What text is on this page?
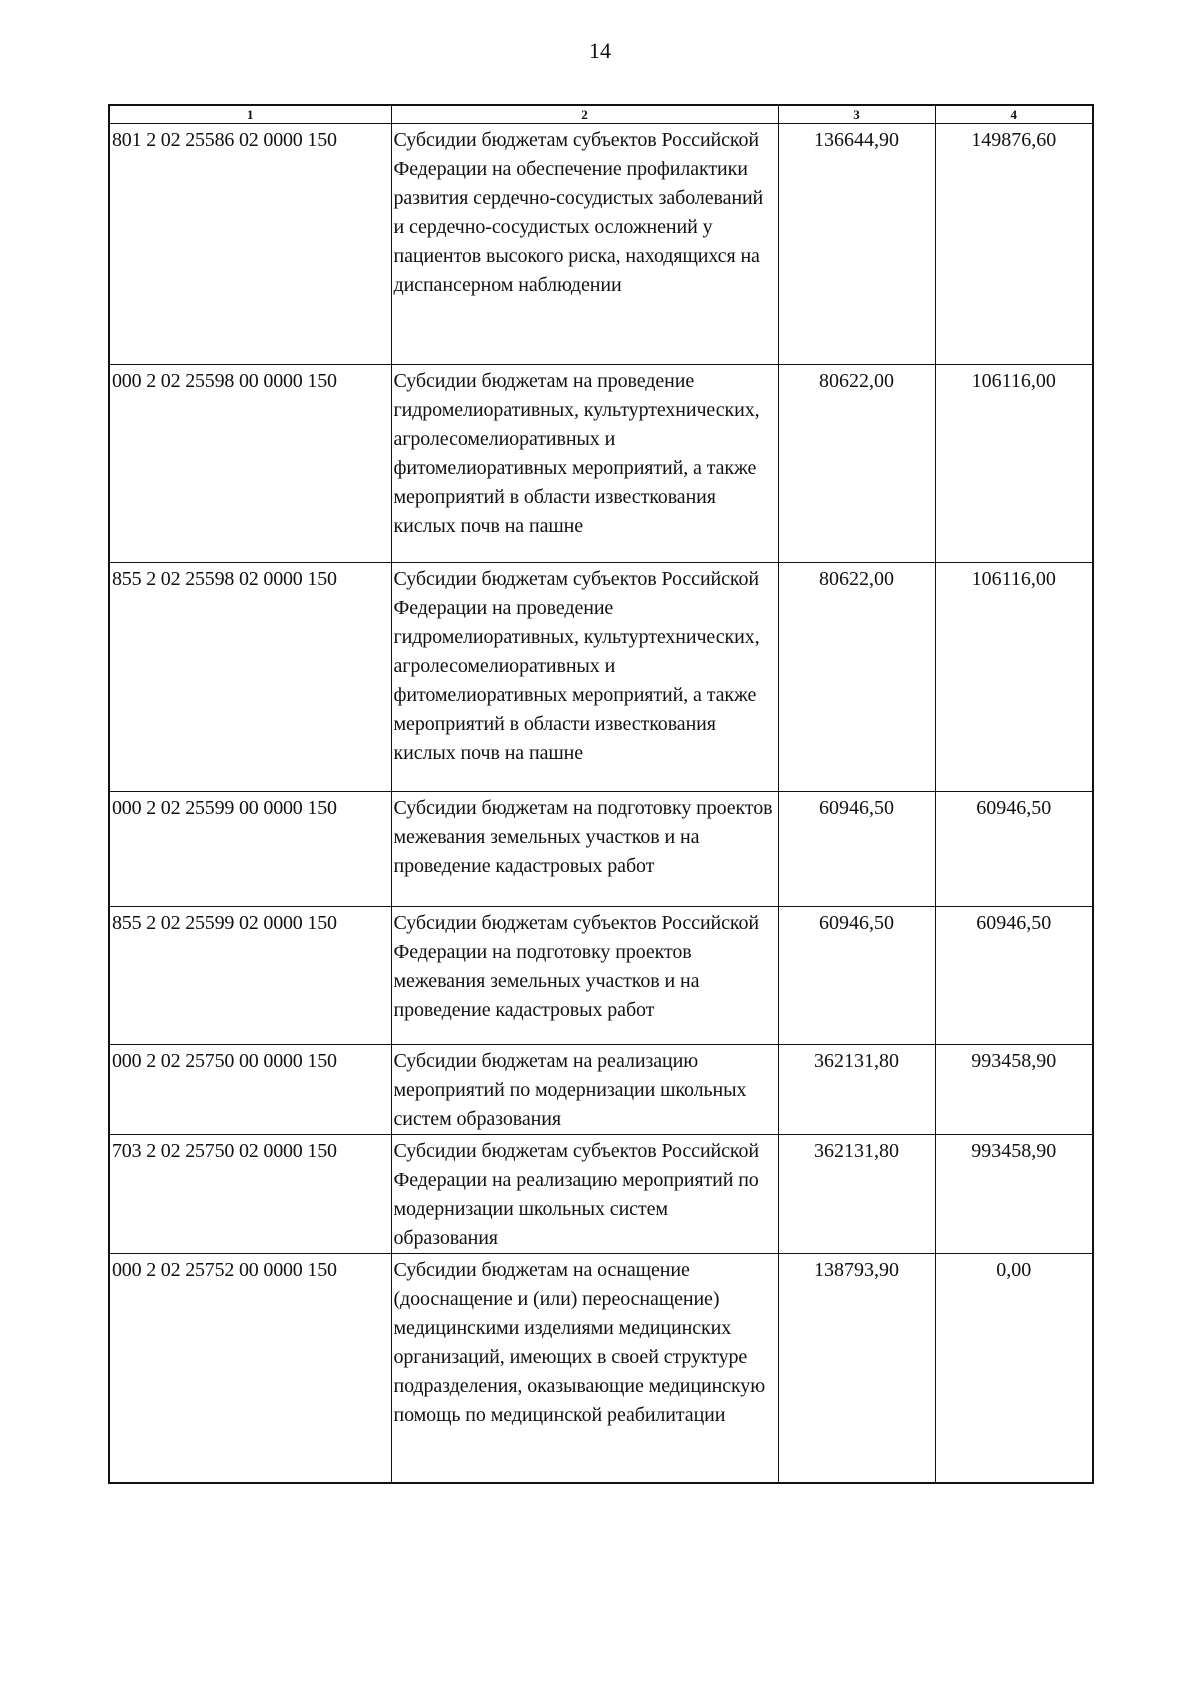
14
1	2	3	4
801 2 02 25586 02 0000 150	Субсидии бюджетам субъектов Российской Федерации на обеспечение профилактики развития сердечно-сосудистых заболеваний и сердечно-сосудистых осложнений у пациентов высокого риска, находящихся на диспансерном наблюдении	136644,90	149876,60
000 2 02 25598 00 0000 150	Субсидии бюджетам на проведение гидромелиоративных, культуртехнических, агролесомелиоративных и фитомелиоративных мероприятий, а также мероприятий в области известкования кислых почв на пашне	80622,00	106116,00
855 2 02 25598 02 0000 150	Субсидии бюджетам субъектов Российской Федерации на проведение гидромелиоративных, культуртехнических, агролесомелиоративных и фитомелиоративных мероприятий, а также мероприятий в области известкования кислых почв на пашне	80622,00	106116,00
000 2 02 25599 00 0000 150	Субсидии бюджетам на подготовку проектов межевания земельных участков и на проведение кадастровых работ	60946,50	60946,50
855 2 02 25599 02 0000 150	Субсидии бюджетам субъектов Российской Федерации на подготовку проектов межевания земельных участков и на проведение кадастровых работ	60946,50	60946,50
000 2 02 25750 00 0000 150	Субсидии бюджетам на реализацию мероприятий по модернизации школьных систем образования	362131,80	993458,90
703 2 02 25750 02 0000 150	Субсидии бюджетам субъектов Российской Федерации на реализацию мероприятий по модернизации школьных систем образования	362131,80	993458,90
000 2 02 25752 00 0000 150	Субсидии бюджетам на оснащение (дооснащение и (или) переоснащение) медицинскими изделиями медицинских организаций, имеющих в своей структуре подразделения, оказывающие медицинскую помощь по медицинской реабилитации	138793,90	0,00
